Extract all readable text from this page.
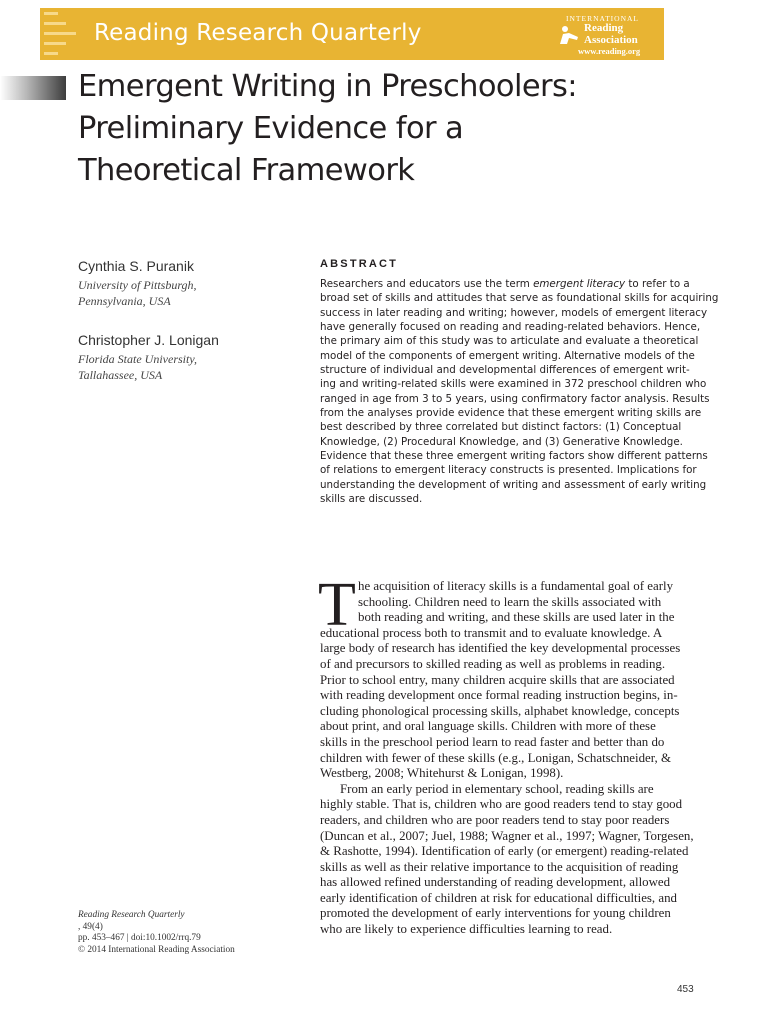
Reading Research Quarterly
INTERNATIONAL
Reading
Association
www.reading.org
Emergent Writing in Preschoolers:
Preliminary Evidence for a
Theoretical Framework
Cynthia S. Puranik
University of Pittsburgh,
Pennsylvania, USA
Christopher J. Lonigan
Florida State University,
Tallahassee, USA
ABSTRACT
Researchers and educators use the term emergent literacy to refer to a
broad set of skills and attitudes that serve as foundational skills for acquiring
success in later reading and writing; however, models of emergent literacy
have generally focused on reading and reading-related behaviors. Hence,
the primary aim of this study was to articulate and evaluate a theoretical
model of the components of emergent writing. Alternative models of the
structure of individual and developmental differences of emergent writ-
ing and writing-related skills were examined in 372 preschool children who
ranged in age from 3 to 5 years, using confirmatory factor analysis. Results
from the analyses provide evidence that these emergent writing skills are
best described by three correlated but distinct factors: (1) Conceptual
Knowledge, (2) Procedural Knowledge, and (3) Generative Knowledge.
Evidence that these three emergent writing factors show different patterns
of relations to emergent literacy constructs is presented. Implications for
understanding the development of writing and assessment of early writing
skills are discussed.
T he acquisition of literacy skills is a fundamental goal of early
schooling. Children need to learn the skills associated with
both reading and writing, and these skills are used later in the
educational process both to transmit and to evaluate knowledge. A
large body of research has identified the key developmental processes
of and precursors to skilled reading as well as problems in reading.
Prior to school entry, many children acquire skills that are associated
with reading development once formal reading instruction begins, in-
cluding phonological processing skills, alphabet knowledge, concepts
about print, and oral language skills. Children with more of these
skills in the preschool period learn to read faster and better than do
children with fewer of these skills (e.g., Lonigan, Schatschneider, &
Westberg, 2008; Whitehurst & Lonigan, 1998).
From an early period in elementary school, reading skills are
highly stable. That is, children who are good readers tend to stay good
readers, and children who are poor readers tend to stay poor readers
(Duncan et al., 2007; Juel, 1988; Wagner et al., 1997; Wagner, Torgesen,
& Rashotte, 1994). Identification of early (or emergent) reading-related
skills as well as their relative importance to the acquisition of reading
has allowed refined understanding of reading development, allowed
early identification of children at risk for educational difficulties, and
promoted the development of early interventions for young children
who are likely to experience difficulties learning to read.
Reading Research Quarterly
, 49(4)
pp. 453–467 | doi:10.1002/rrq.79
© 2014 International Reading Association
453
